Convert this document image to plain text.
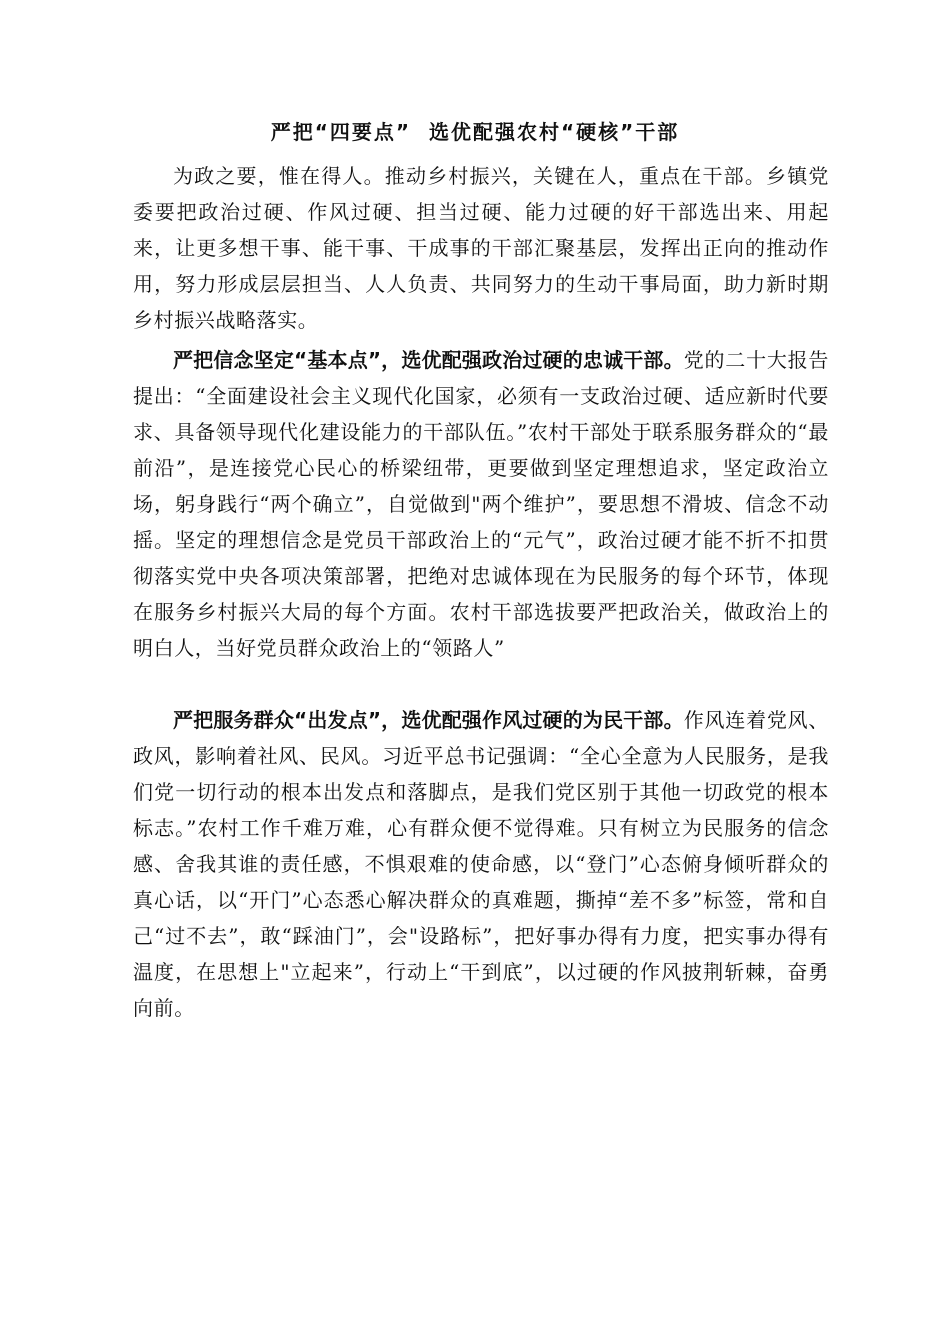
严把“四要点”  选优配强农村“硬核”干部

为政之要，惟在得人。推动乡村振兴，关键在人，重点在干部。乡镇党委要把政治过硬、作风过硬、担当过硬、能力过硬的好干部选出来、用起来，让更多想干事、能干事、干成事的干部汇聚基层，发挥出正向的推动作用，努力形成层层担当、人人负责、共同努力的生动干事局面，助力新时期乡村振兴战略落实。

严把信念坚定“基本点”，选优配强政治过硬的忠诚干部。党的二十大报告提出：“全面建设社会主义现代化国家，必须有一支政治过硬、适应新时代要求、具备领导现代化建设能力的干部队伍。”农村干部处于联系服务群众的“最前沿”，是连接党心民心的桥梁纽带，更要做到坚定理想追求，坚定政治立场，躬身践行“两个确立”，自觉做到"两个维护”，要思想不滑坡、信念不动摇。坚定的理想信念是党员干部政治上的“元气”，政治过硬才能不折不扣贯彻落实党中央各项决策部署，把绝对忠诚体现在为民服务的每个环节，体现在服务乡村振兴大局的每个方面。农村干部选拔要严把政治关，做政治上的明白人，当好党员群众政治上的“领路人”

严把服务群众“出发点”，选优配强作风过硬的为民干部。作风连着党风、政风，影响着社风、民风。习近平总书记强调：“全心全意为人民服务，是我们党一切行动的根本出发点和落脚点，是我们党区别于其他一切政党的根本标志。”农村工作千难万难，心有群众便不觉得难。只有树立为民服务的信念感、舍我其谁的责任感，不惧艰难的使命感，以“登门”心态俯身倾听群众的真心话，以“开门”心态悉心解决群众的真难题，撕掉“差不多”标签，常和自己“过不去”，敢“踩油门”，会"设路标”，把好事办得有力度，把实事办得有温度，在思想上"立起来”，行动上“干到底”，以过硬的作风披荆斩棘，奋勇向前。
